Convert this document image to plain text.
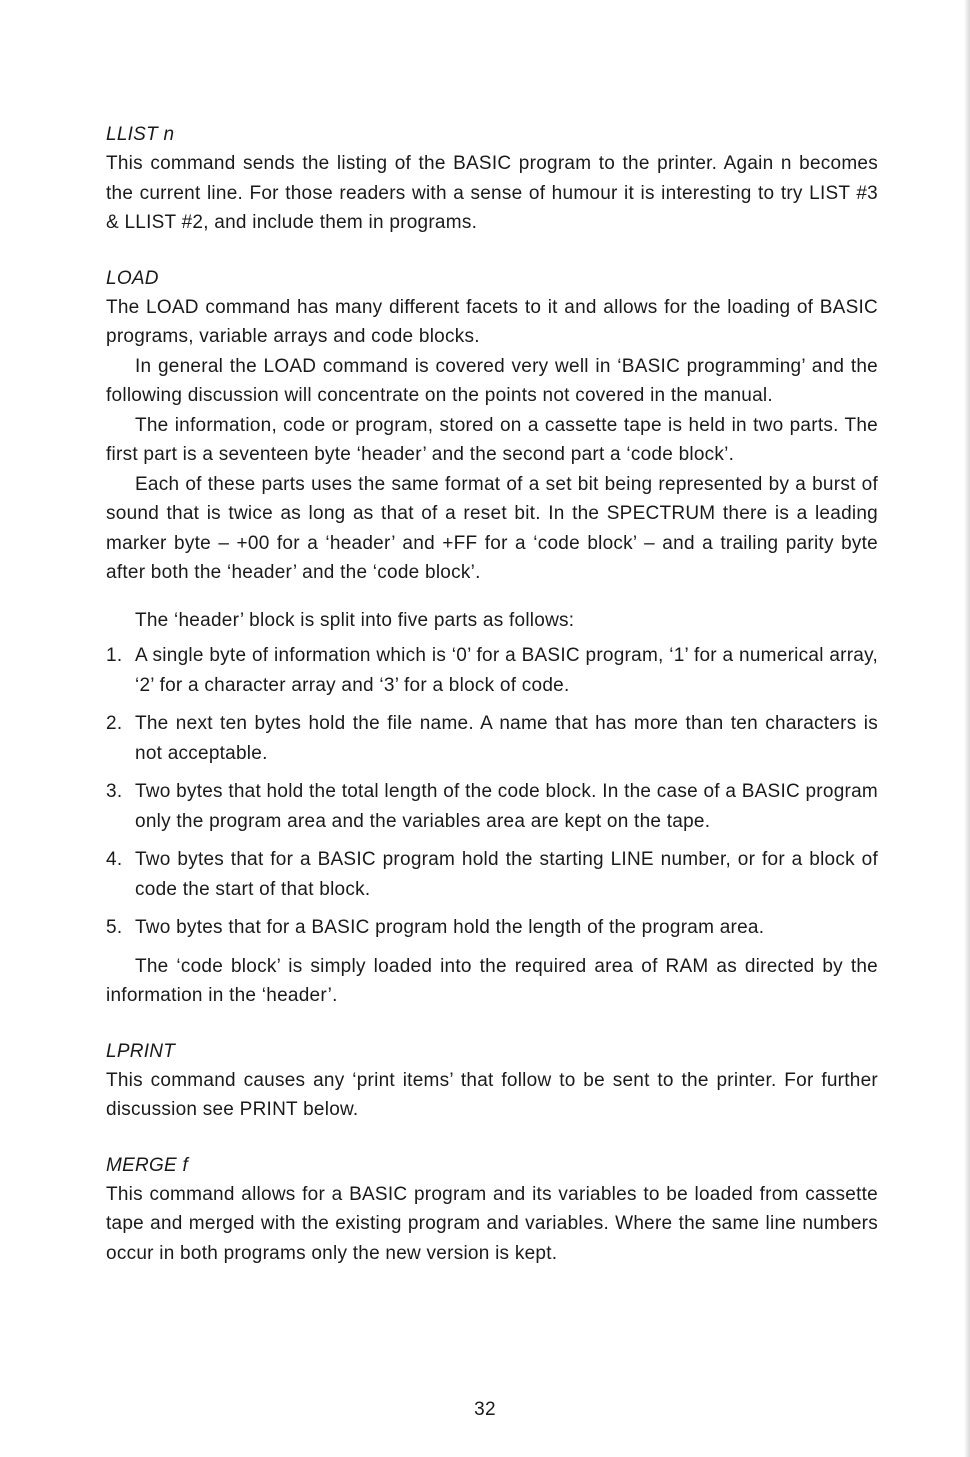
LLIST n

This command sends the listing of the BASIC program to the printer. Again n becomes the current line. For those readers with a sense of humour it is interesting to try LIST #3 & LLIST #2, and include them in programs.

LOAD

The LOAD command has many different facets to it and allows for the loading of BASIC programs, variable arrays and code blocks.

In general the LOAD command is covered very well in ‘BASIC programming’ and the following discussion will concentrate on the points not covered in the manual.

The information, code or program, stored on a cassette tape is held in two parts. The first part is a seventeen byte ‘header’ and the second part a ‘code block’.

Each of these parts uses the same format of a set bit being represented by a burst of sound that is twice as long as that of a reset bit. In the SPECTRUM there is a leading marker byte – +00 for a ‘header’ and +FF for a ‘code block’ – and a trailing parity byte after both the ‘header’ and the ‘code block’.

The ‘header’ block is split into five parts as follows:

1. A single byte of information which is ‘0’ for a BASIC program, ‘1’ for a numerical array, ‘2’ for a character array and ‘3’ for a block of code.
2. The next ten bytes hold the file name. A name that has more than ten characters is not acceptable.
3. Two bytes that hold the total length of the code block. In the case of a BASIC program only the program area and the variables area are kept on the tape.
4. Two bytes that for a BASIC program hold the starting LINE number, or for a block of code the start of that block.
5. Two bytes that for a BASIC program hold the length of the program area.

The ‘code block’ is simply loaded into the required area of RAM as directed by the information in the ‘header’.

LPRINT

This command causes any ‘print items’ that follow to be sent to the printer. For further discussion see PRINT below.

MERGE f

This command allows for a BASIC program and its variables to be loaded from cassette tape and merged with the existing program and variables. Where the same line numbers occur in both programs only the new version is kept.

32
